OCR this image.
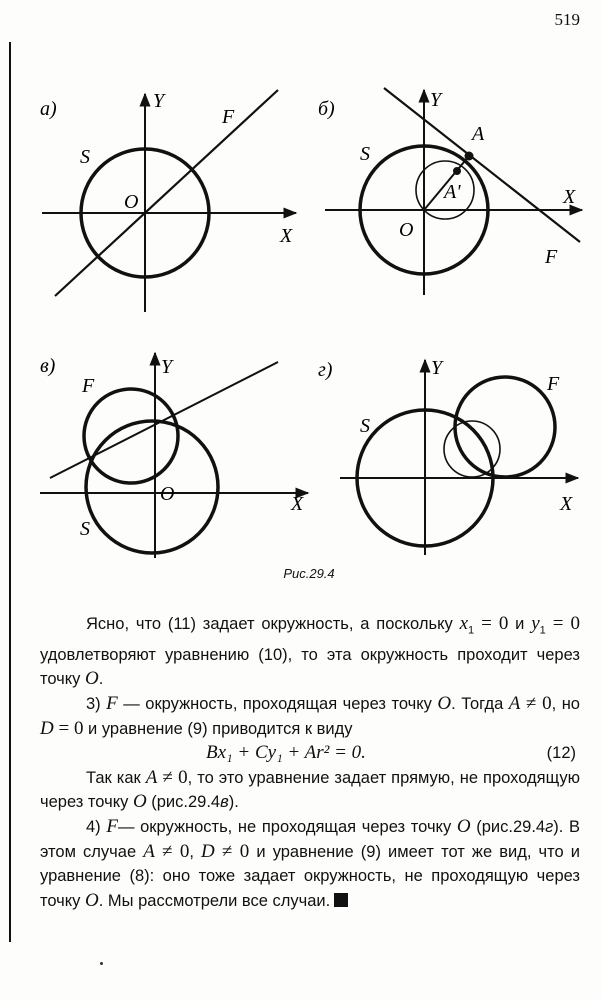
519
а)	Y
X
O
S
F	б)	Y
X
O
S
F
A
A'
в)	Y
X
O
S
F
г)	Y
X
S
F
Рис.29.4

Ясно, что (11) задает окружность, а поскольку $x_1 = 0$ и $y_1 = 0$ удовлетворяют уравнению (10), то эта окружность проходит через точку O.

3) F — окружность, проходящая через точку O. Тогда A ≠ 0, но D = 0 и уравнение (9) приводится к виду

Bx₁ + Cy₁ + Ar² = 0.	(12)

Так как A ≠ 0, то это уравнение задает прямую, не проходящую через точку O (рис.29.4в).

4) F— окружность, не проходящая через точку O (рис.29.4г). В этом случае A ≠ 0, D ≠ 0 и уравнение (9) имеет тот же вид, что и уравнение (8): оно тоже задает окружность, не проходящую через точку O. Мы рассмотрели все случаи.
